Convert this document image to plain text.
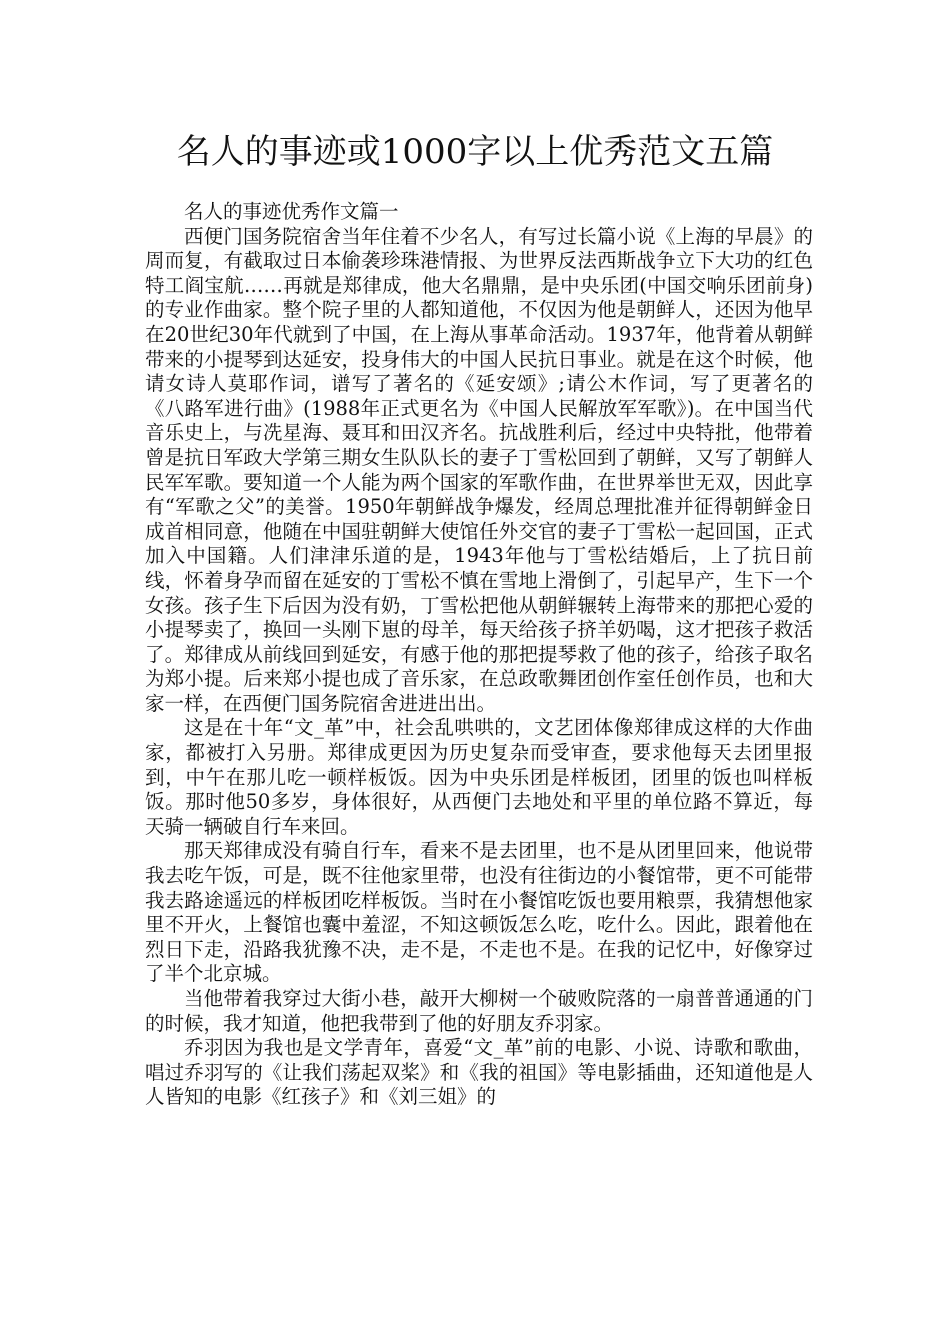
名人的事迹或1000字以上优秀范文五篇

名人的事迹优秀作文篇一

西便门国务院宿舍当年住着不少名人，有写过长篇小说《上海的早晨》的周而复，有截取过日本偷袭珍珠港情报、为世界反法西斯战争立下大功的红色特工阎宝航……再就是郑律成，他大名鼎鼎，是中央乐团(中国交响乐团前身)的专业作曲家。整个院子里的人都知道他，不仅因为他是朝鲜人，还因为他早在20世纪30年代就到了中国，在上海从事革命活动。1937年，他背着从朝鲜带来的小提琴到达延安，投身伟大的中国人民抗日事业。就是在这个时候，他请女诗人莫耶作词，谱写了著名的《延安颂》;请公木作词，写了更著名的《八路军进行曲》(1988年正式更名为《中国人民解放军军歌》)。在中国当代音乐史上，与冼星海、聂耳和田汉齐名。抗战胜利后，经过中央特批，他带着曾是抗日军政大学第三期女生队队长的妻子丁雪松回到了朝鲜，又写了朝鲜人民军军歌。要知道一个人能为两个国家的军歌作曲，在世界举世无双，因此享有“军歌之父”的美誉。1950年朝鲜战争爆发，经周总理批准并征得朝鲜金日成首相同意，他随在中国驻朝鲜大使馆任外交官的妻子丁雪松一起回国，正式加入中国籍。人们津津乐道的是，1943年他与丁雪松结婚后，上了抗日前线，怀着身孕而留在延安的丁雪松不慎在雪地上滑倒了，引起早产，生下一个女孩。孩子生下后因为没有奶，丁雪松把他从朝鲜辗转上海带来的那把心爱的小提琴卖了，换回一头刚下崽的母羊，每天给孩子挤羊奶喝，这才把孩子救活了。郑律成从前线回到延安，有感于他的那把提琴救了他的孩子，给孩子取名为郑小提。后来郑小提也成了音乐家，在总政歌舞团创作室任创作员，也和大家一样，在西便门国务院宿舍进进出出。

这是在十年“文_革”中，社会乱哄哄的，文艺团体像郑律成这样的大作曲家，都被打入另册。郑律成更因为历史复杂而受审查，要求他每天去团里报到，中午在那儿吃一顿样板饭。因为中央乐团是样板团，团里的饭也叫样板饭。那时他50多岁，身体很好，从西便门去地处和平里的单位路不算近，每天骑一辆破自行车来回。

那天郑律成没有骑自行车，看来不是去团里，也不是从团里回来，他说带我去吃午饭，可是，既不往他家里带，也没有往街边的小餐馆带，更不可能带我去路途遥远的样板团吃样板饭。当时在小餐馆吃饭也要用粮票，我猜想他家里不开火，上餐馆也囊中羞涩，不知这顿饭怎么吃，吃什么。因此，跟着他在烈日下走，沿路我犹豫不决，走不是，不走也不是。在我的记忆中，好像穿过了半个北京城。

当他带着我穿过大街小巷，敲开大柳树一个破败院落的一扇普普通通的门的时候，我才知道，他把我带到了他的好朋友乔羽家。

乔羽因为我也是文学青年，喜爱“文_革”前的电影、小说、诗歌和歌曲，唱过乔羽写的《让我们荡起双桨》和《我的祖国》等电影插曲，还知道他是人人皆知的电影《红孩子》和《刘三姐》的
